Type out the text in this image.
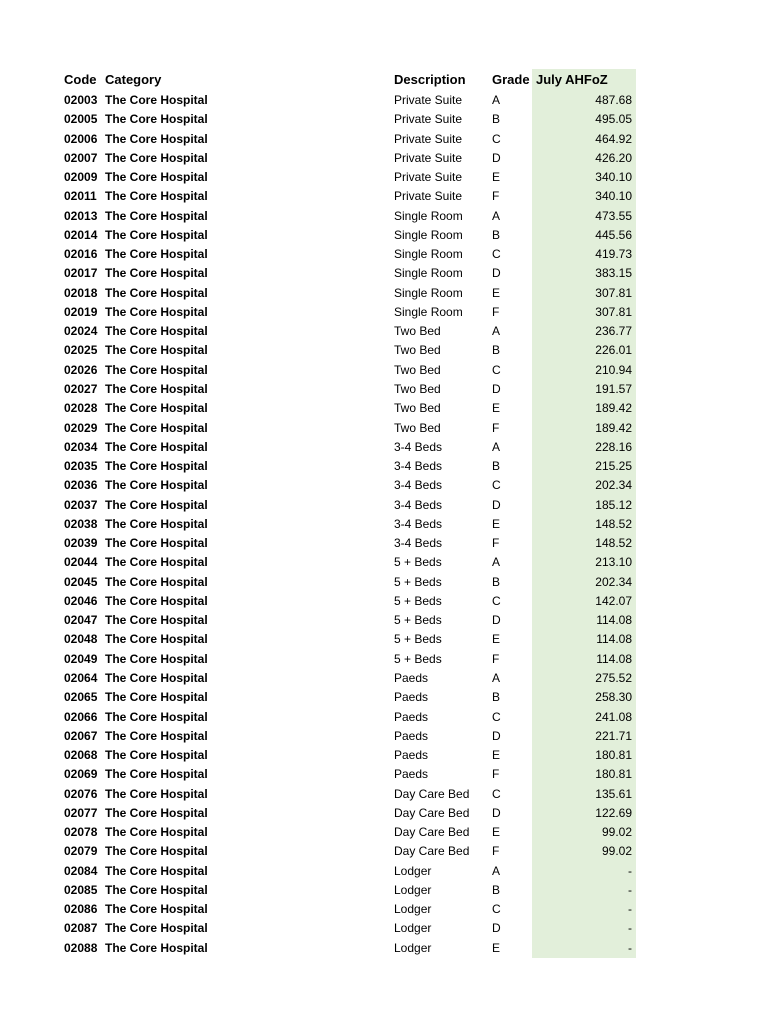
Code Category	Description	Grade July AHFoZ
02003 The Core Hospital	Private Suite	A	487.68
02005 The Core Hospital	Private Suite	B	495.05
02006 The Core Hospital	Private Suite	C	464.92
02007 The Core Hospital	Private Suite	D	426.20
02009 The Core Hospital	Private Suite	E	340.10
02011 The Core Hospital	Private Suite	F	340.10
02013 The Core Hospital	Single Room	A	473.55
02014 The Core Hospital	Single Room	B	445.56
02016 The Core Hospital	Single Room	C	419.73
02017 The Core Hospital	Single Room	D	383.15
02018 The Core Hospital	Single Room	E	307.81
02019 The Core Hospital	Single Room	F	307.81
02024 The Core Hospital	Two Bed	A	236.77
02025 The Core Hospital	Two Bed	B	226.01
02026 The Core Hospital	Two Bed	C	210.94
02027 The Core Hospital	Two Bed	D	191.57
02028 The Core Hospital	Two Bed	E	189.42
02029 The Core Hospital	Two Bed	F	189.42
02034 The Core Hospital	3-4 Beds	A	228.16
02035 The Core Hospital	3-4 Beds	B	215.25
02036 The Core Hospital	3-4 Beds	C	202.34
02037 The Core Hospital	3-4 Beds	D	185.12
02038 The Core Hospital	3-4 Beds	E	148.52
02039 The Core Hospital	3-4 Beds	F	148.52
02044 The Core Hospital	5 + Beds	A	213.10
02045 The Core Hospital	5 + Beds	B	202.34
02046 The Core Hospital	5 + Beds	C	142.07
02047 The Core Hospital	5 + Beds	D	114.08
02048 The Core Hospital	5 + Beds	E	114.08
02049 The Core Hospital	5 + Beds	F	114.08
02064 The Core Hospital	Paeds	A	275.52
02065 The Core Hospital	Paeds	B	258.30
02066 The Core Hospital	Paeds	C	241.08
02067 The Core Hospital	Paeds	D	221.71
02068 The Core Hospital	Paeds	E	180.81
02069 The Core Hospital	Paeds	F	180.81
02076 The Core Hospital	Day Care Bed	C	135.61
02077 The Core Hospital	Day Care Bed	D	122.69
02078 The Core Hospital	Day Care Bed	E	99.02
02079 The Core Hospital	Day Care Bed	F	99.02
02084 The Core Hospital	Lodger	A	-
02085 The Core Hospital	Lodger	B	-
02086 The Core Hospital	Lodger	C	-
02087 The Core Hospital	Lodger	D	-
02088 The Core Hospital	Lodger	E	-
